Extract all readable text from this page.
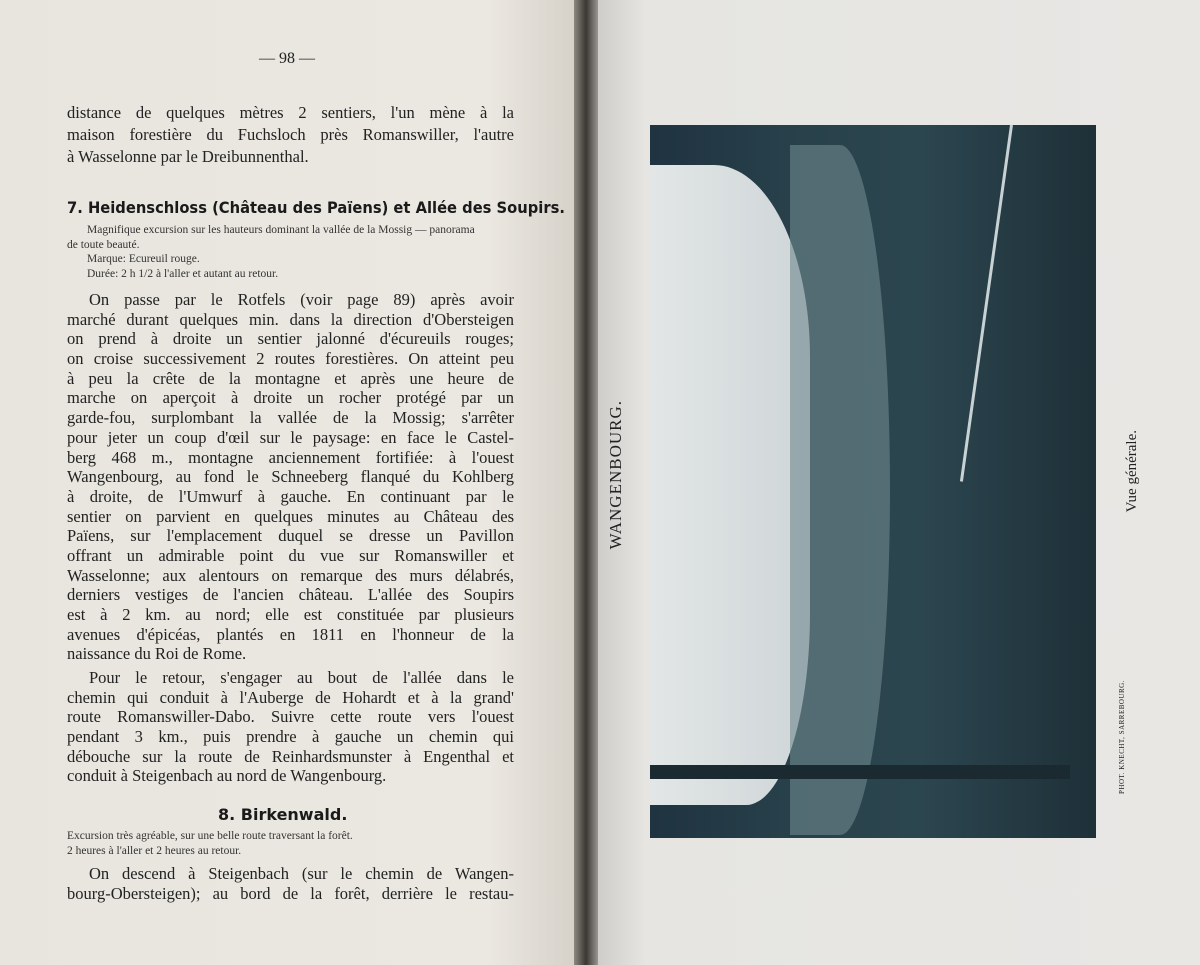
— 98 —
distance de quelques mètres 2 sentiers, l'un mène à la
maison forestière du Fuchsloch près Romanswiller, l'autre
à Wasselonne par le Dreibunnenthal.
7. Heidenschloss (Château des Païens) et Allée des Soupirs.
Magnifique excursion sur les hauteurs dominant la vallée de la Mossig — panorama
de toute beauté.
Marque: Ecureuil rouge.
Durée: 2 h 1/2 à l'aller et autant au retour.
On passe par le Rotfels (voir page 89) après avoir
marché durant quelques min. dans la direction d'Obersteigen
on prend à droite un sentier jalonné d'écureuils rouges;
on croise successivement 2 routes forestières. On atteint peu
à peu la crête de la montagne et après une heure de
marche on aperçoit à droite un rocher protégé par un
garde-fou, surplombant la vallée de la Mossig; s'arrêter
pour jeter un coup d'œil sur le paysage: en face le Castel-
berg 468 m., montagne anciennement fortifiée: à l'ouest
Wangenbourg, au fond le Schneeberg flanqué du Kohlberg
à droite, de l'Umwurf à gauche. En continuant par le
sentier on parvient en quelques minutes au Château des
Païens, sur l'emplacement duquel se dresse un Pavillon
offrant un admirable point du vue sur Romanswiller et
Wasselonne; aux alentours on remarque des murs délabrés,
derniers vestiges de l'ancien château. L'allée des Soupirs
est à 2 km. au nord; elle est constituée par plusieurs
avenues d'épicéas, plantés en 1811 en l'honneur de la
naissance du Roi de Rome.
Pour le retour, s'engager au bout de l'allée dans le
chemin qui conduit à l'Auberge de Hohardt et à la grand'
route Romanswiller-Dabo. Suivre cette route vers l'ouest
pendant 3 km., puis prendre à gauche un chemin qui
débouche sur la route de Reinhardsmunster à Engenthal et
conduit à Steigenbach au nord de Wangenbourg.
8. Birkenwald.
Excursion très agréable, sur une belle route traversant la forêt.
2 heures à l'aller et 2 heures au retour.
On descend à Steigenbach (sur le chemin de Wangen-
bourg-Obersteigen); au bord de la forêt, derrière le restau-
WANGENBOURG.	Vue générale.
PHOT. KNECHT, SARREBOURG.
